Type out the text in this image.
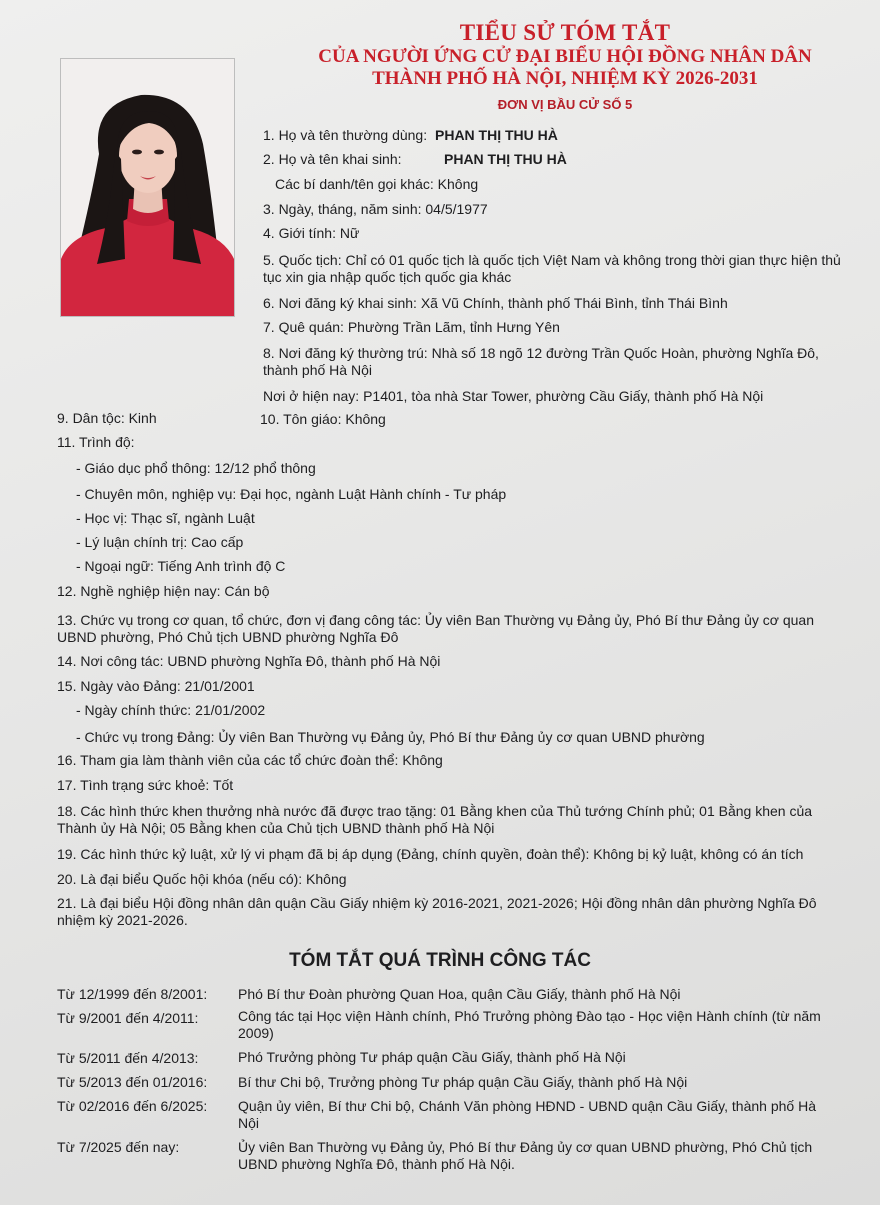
TIỂU SỬ TÓM TẮT
CỦA NGƯỜI ỨNG CỬ ĐẠI BIỂU HỘI ĐỒNG NHÂN DÂN
THÀNH PHỐ HÀ NỘI, NHIỆM KỲ 2026-2031
ĐƠN VỊ BẦU CỬ SỐ 5
1. Họ và tên thường dùng: PHAN THỊ THU HÀ
2. Họ và tên khai sinh:	PHAN THỊ THU HÀ
Các bí danh/tên gọi khác: Không
3. Ngày, tháng, năm sinh: 04/5/1977
4. Giới tính: Nữ
5. Quốc tịch: Chỉ có 01 quốc tịch là quốc tịch Việt Nam và không trong thời gian thực hiện thủ tục xin gia nhập quốc tịch quốc gia khác
6. Nơi đăng ký khai sinh: Xã Vũ Chính, thành phố Thái Bình, tỉnh Thái Bình
7. Quê quán: Phường Trần Lãm, tỉnh Hưng Yên
8. Nơi đăng ký thường trú: Nhà số 18 ngõ 12 đường Trần Quốc Hoàn, phường Nghĩa Đô, thành phố Hà Nội
Nơi ở hiện nay: P1401, tòa nhà Star Tower, phường Cầu Giấy, thành phố Hà Nội
9. Dân tộc: Kinh	10. Tôn giáo: Không
11. Trình độ:
- Giáo dục phổ thông: 12/12 phổ thông
- Chuyên môn, nghiệp vụ: Đại học, ngành Luật Hành chính - Tư pháp
- Học vị: Thạc sĩ, ngành Luật
- Lý luận chính trị: Cao cấp
- Ngoại ngữ: Tiếng Anh trình độ C
12. Nghề nghiệp hiện nay: Cán bộ
13. Chức vụ trong cơ quan, tổ chức, đơn vị đang công tác: Ủy viên Ban Thường vụ Đảng ủy, Phó Bí thư Đảng ủy cơ quan UBND phường, Phó Chủ tịch UBND phường Nghĩa Đô
14. Nơi công tác: UBND phường Nghĩa Đô, thành phố Hà Nội
15. Ngày vào Đảng: 21/01/2001
- Ngày chính thức: 21/01/2002
- Chức vụ trong Đảng: Ủy viên Ban Thường vụ Đảng ủy, Phó Bí thư Đảng ủy cơ quan UBND phường
16. Tham gia làm thành viên của các tổ chức đoàn thể: Không
17. Tình trạng sức khoẻ: Tốt
18. Các hình thức khen thưởng nhà nước đã được trao tặng: 01 Bằng khen của Thủ tướng Chính phủ; 01 Bằng khen của Thành ủy Hà Nội; 05 Bằng khen của Chủ tịch UBND thành phố Hà Nội
19. Các hình thức kỷ luật, xử lý vi phạm đã bị áp dụng (Đảng, chính quyền, đoàn thể): Không bị kỷ luật, không có án tích
20. Là đại biểu Quốc hội khóa (nếu có): Không
21. Là đại biểu Hội đồng nhân dân quận Cầu Giấy nhiệm kỳ 2016-2021, 2021-2026; Hội đồng nhân dân phường Nghĩa Đô nhiệm kỳ 2021-2026.
TÓM TẮT QUÁ TRÌNH CÔNG TÁC
Từ 12/1999 đến 8/2001: Phó Bí thư Đoàn phường Quan Hoa, quận Cầu Giấy, thành phố Hà Nội
Từ 9/2001 đến 4/2011:	Công tác tại Học viện Hành chính, Phó Trưởng phòng Đào tạo - Học viện Hành chính (từ năm 2009)
Từ 5/2011 đến 4/2013:	Phó Trưởng phòng Tư pháp quận Cầu Giấy, thành phố Hà Nội
Từ 5/2013 đến 01/2016: Bí thư Chi bộ, Trưởng phòng Tư pháp quận Cầu Giấy, thành phố Hà Nội
Từ 02/2016 đến 6/2025: Quận ủy viên, Bí thư Chi bộ, Chánh Văn phòng HĐND - UBND quận Cầu Giấy, thành phố Hà Nội
Từ 7/2025 đến nay:	Ủy viên Ban Thường vụ Đảng ủy, Phó Bí thư Đảng ủy cơ quan UBND phường, Phó Chủ tịch UBND phường Nghĩa Đô, thành phố Hà Nội.
